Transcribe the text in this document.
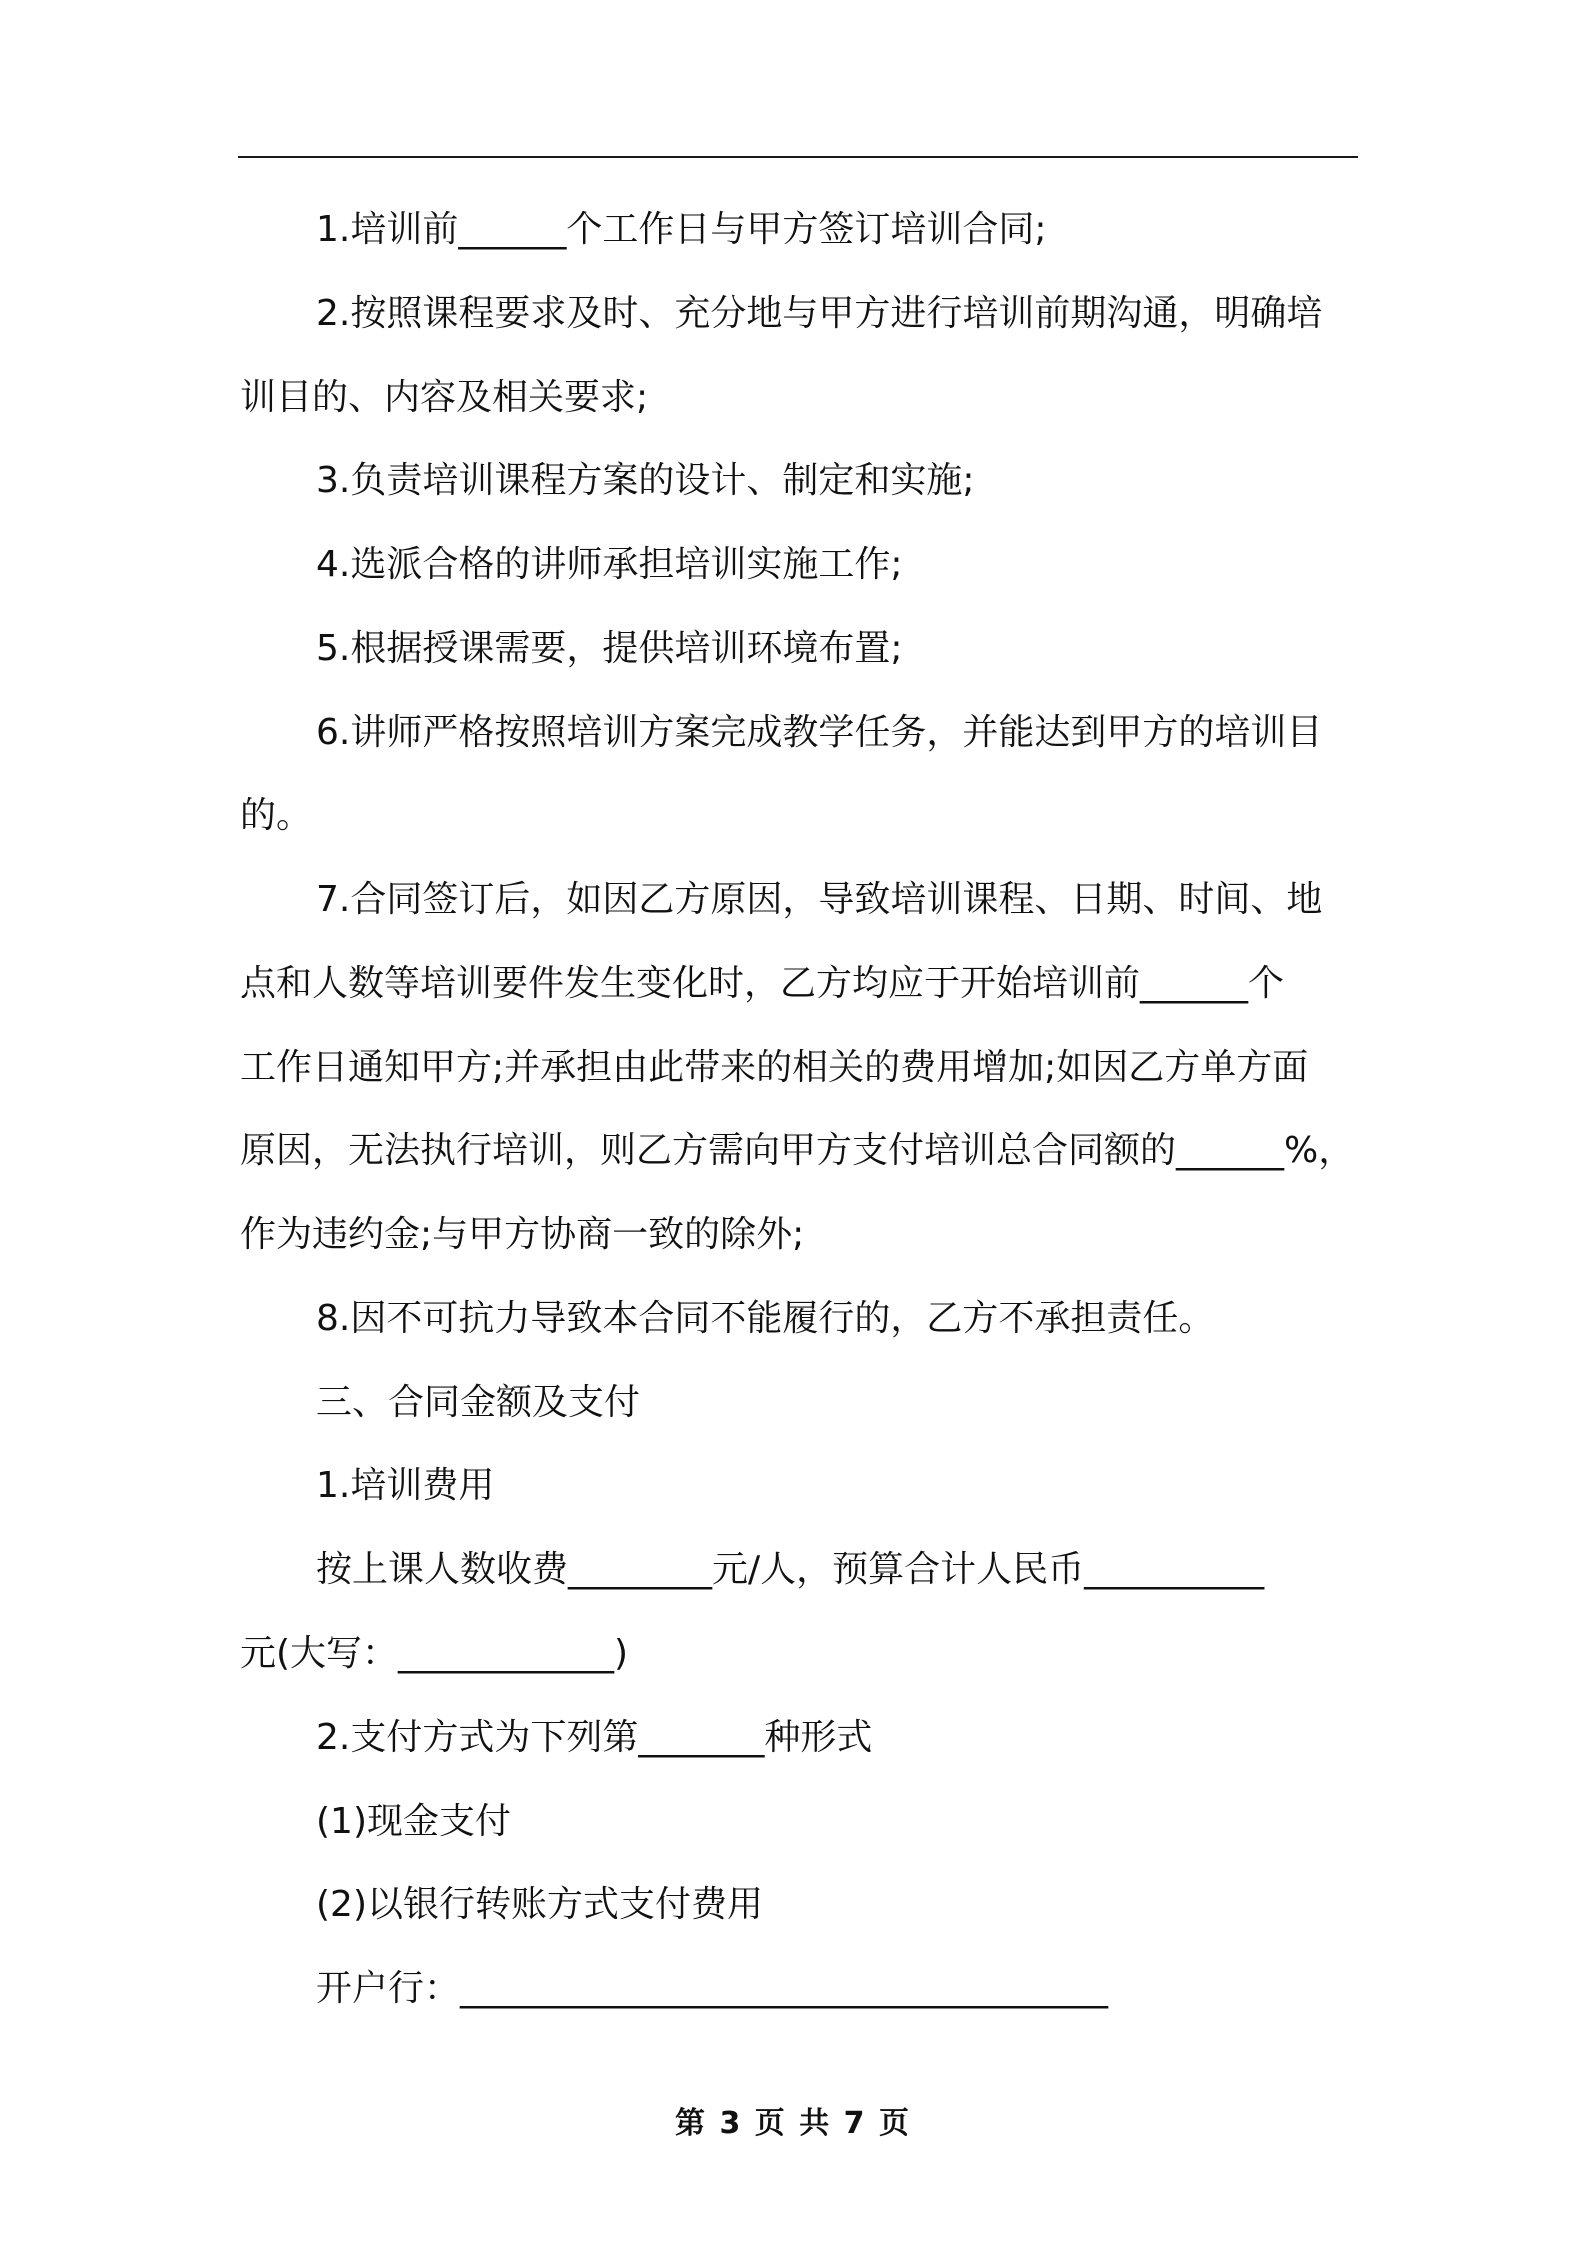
1.培训前______个工作日与甲方签订培训合同;
2.按照课程要求及时、充分地与甲方进行培训前期沟通，明确培
训目的、内容及相关要求;
3.负责培训课程方案的设计、制定和实施;
4.选派合格的讲师承担培训实施工作;
5.根据授课需要，提供培训环境布置;
6.讲师严格按照培训方案完成教学任务，并能达到甲方的培训目
的。
7.合同签订后，如因乙方原因，导致培训课程、日期、时间、地
点和人数等培训要件发生变化时，乙方均应于开始培训前______个
工作日通知甲方;并承担由此带来的相关的费用增加;如因乙方单方面
原因，无法执行培训，则乙方需向甲方支付培训总合同额的______%，
作为违约金;与甲方协商一致的除外;
8.因不可抗力导致本合同不能履行的，乙方不承担责任。
三、合同金额及支付
1.培训费用
按上课人数收费________元/人，预算合计人民币__________
元(大写：____________)
2.支付方式为下列第_______种形式
(1)现金支付
(2)以银行转账方式支付费用
开户行：____________________________________
第 3 页 共 7 页
